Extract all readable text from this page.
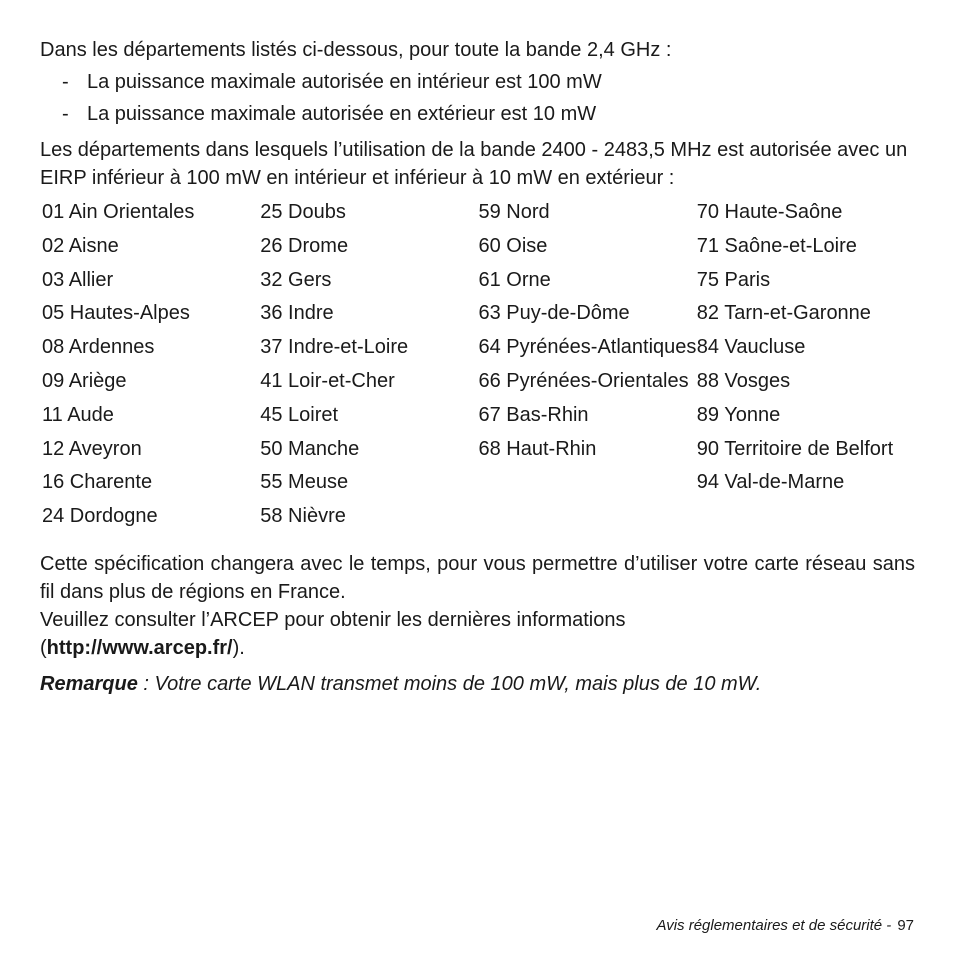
Dans les départements listés ci-dessous, pour toute la bande 2,4 GHz :

- La puissance maximale autorisée en intérieur est 100 mW
- La puissance maximale autorisée en extérieur est 10 mW

Les départements dans lesquels l’utilisation de la bande 2400 - 2483,5 MHz est autorisée avec un EIRP inférieur à 100 mW en intérieur et inférieur à 10 mW en extérieur :

01 Ain Orientales
02 Aisne
03 Allier
05 Hautes-Alpes
08 Ardennes
09 Ariège
11 Aude
12 Aveyron
16 Charente
24 Dordogne
25 Doubs
26 Drome
32 Gers
36 Indre
37 Indre-et-Loire
41 Loir-et-Cher
45 Loiret
50 Manche
55 Meuse
58 Nièvre
59 Nord
60 Oise
61 Orne
63 Puy-de-Dôme
64 Pyrénées-Atlantiques
66 Pyrénées-Orientales
67 Bas-Rhin
68 Haut-Rhin
70 Haute-Saône
71 Saône-et-Loire
75 Paris
82 Tarn-et-Garonne
84 Vaucluse
88 Vosges
89 Yonne
90 Territoire de Belfort
94 Val-de-Marne

Cette spécification changera avec le temps, pour vous permettre d’utiliser votre carte réseau sans fil dans plus de régions en France.

Veuillez consulter l’ARCEP pour obtenir les dernières informations
(http://www.arcep.fr/).

Remarque : Votre carte WLAN transmet moins de 100 mW, mais plus de 10 mW.

Avis réglementaires et de sécurité - 97
